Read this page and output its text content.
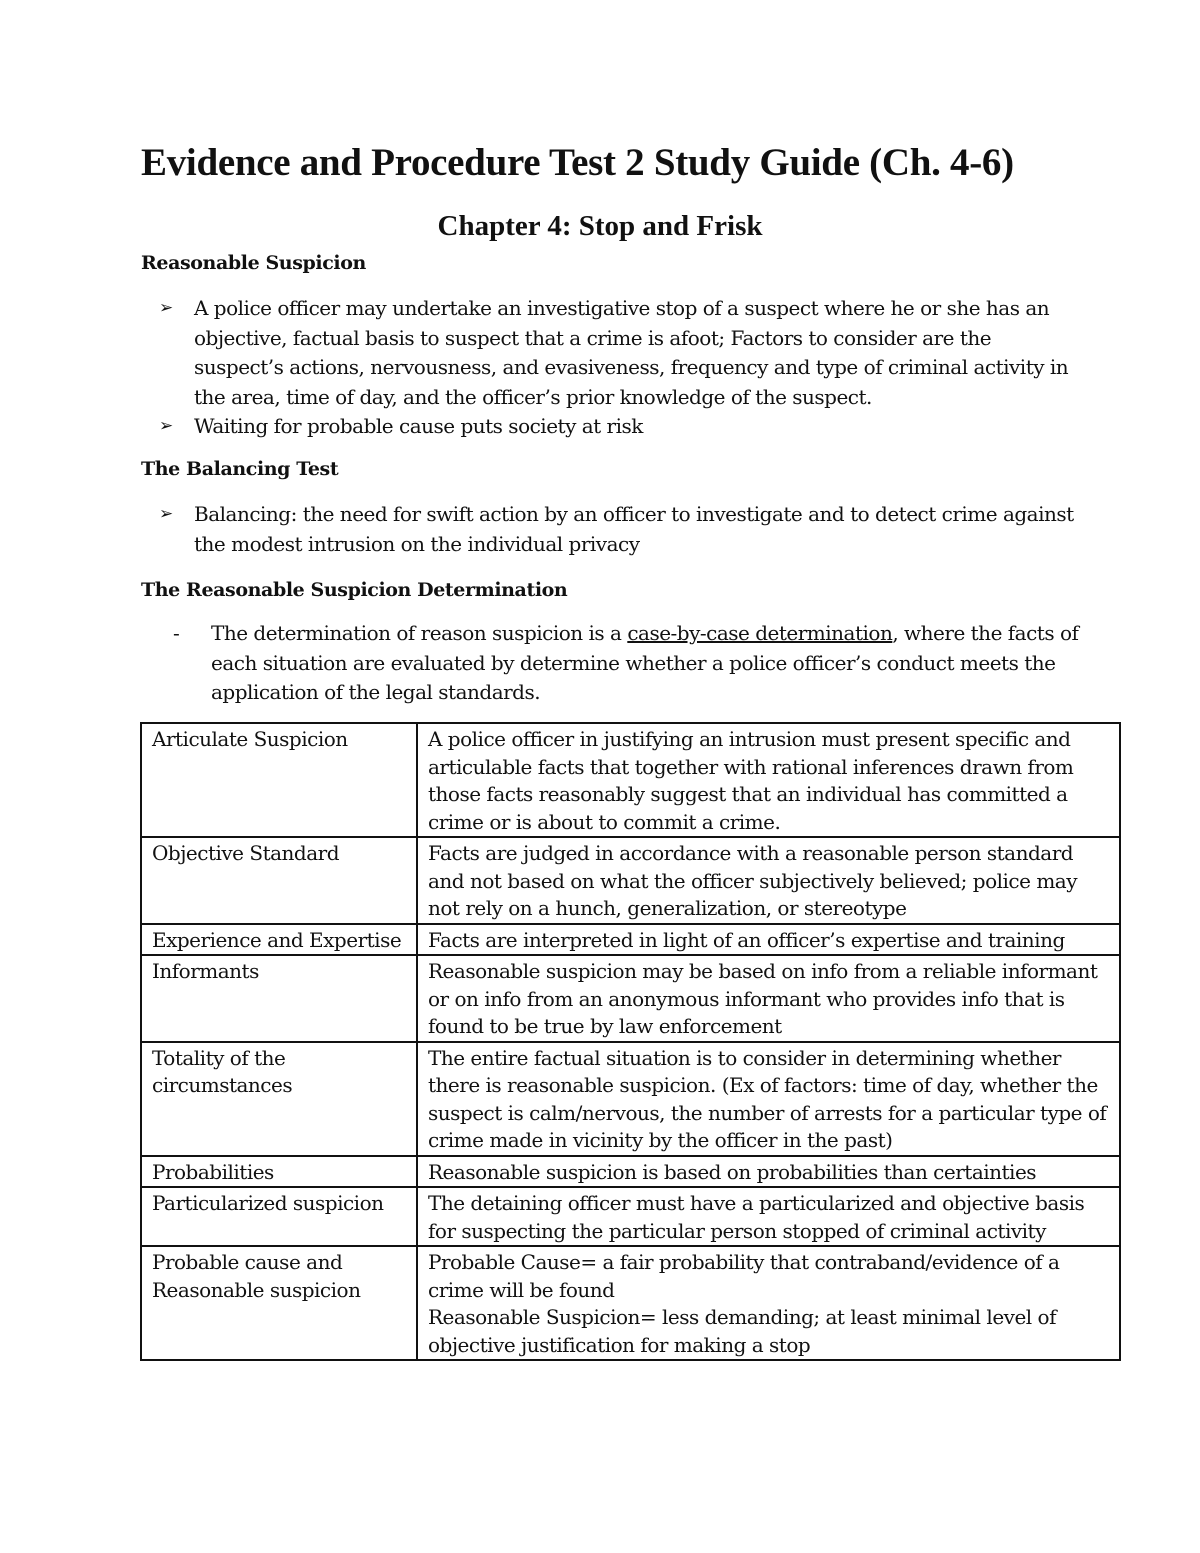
Evidence and Procedure Test 2 Study Guide (Ch. 4-6)
Chapter 4: Stop and Frisk
Reasonable Suspicion
➢ A police officer may undertake an investigative stop of a suspect where he or she has an objective, factual basis to suspect that a crime is afoot; Factors to consider are the suspect’s actions, nervousness, and evasiveness, frequency and type of criminal activity in the area, time of day, and the officer’s prior knowledge of the suspect.
➢ Waiting for probable cause puts society at risk
The Balancing Test
➢ Balancing: the need for swift action by an officer to investigate and to detect crime against the modest intrusion on the individual privacy
The Reasonable Suspicion Determination
- The determination of reason suspicion is a case-by-case determination, where the facts of each situation are evaluated by determine whether a police officer’s conduct meets the application of the legal standards.
Articulate Suspicion	A police officer in justifying an intrusion must present specific and articulable facts that together with rational inferences drawn from those facts reasonably suggest that an individual has committed a crime or is about to commit a crime.
Objective Standard	Facts are judged in accordance with a reasonable person standard and not based on what the officer subjectively believed; police may not rely on a hunch, generalization, or stereotype
Experience and Expertise	Facts are interpreted in light of an officer’s expertise and training
Informants	Reasonable suspicion may be based on info from a reliable informant or on info from an anonymous informant who provides info that is found to be true by law enforcement
Totality of the circumstances	The entire factual situation is to consider in determining whether there is reasonable suspicion. (Ex of factors: time of day, whether the suspect is calm/nervous, the number of arrests for a particular type of crime made in vicinity by the officer in the past)
Probabilities	Reasonable suspicion is based on probabilities than certainties
Particularized suspicion	The detaining officer must have a particularized and objective basis for suspecting the particular person stopped of criminal activity
Probable cause and Reasonable suspicion	Probable Cause= a fair probability that contraband/evidence of a crime will be found
Reasonable Suspicion= less demanding; at least minimal level of objective justification for making a stop
